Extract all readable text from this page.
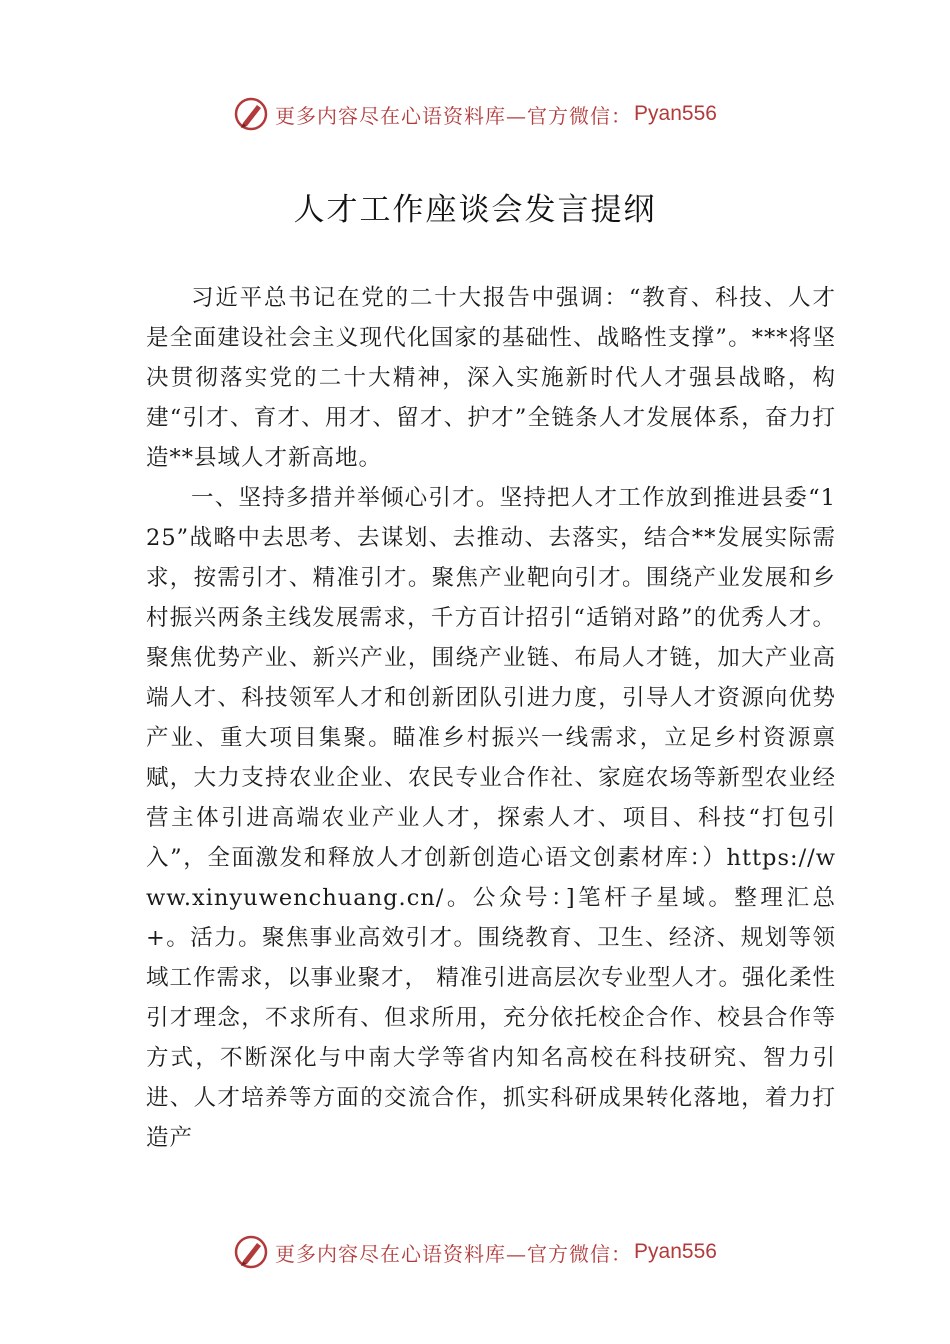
更多内容尽在心语资料库—官方微信： Pyan556
人才工作座谈会发言提纲

习近平总书记在党的二十大报告中强调：“教育、科技、人才是全面建设社会主义现代化国家的基础性、战略性支撑”。***将坚决贯彻落实党的二十大精神，深入实施新时代人才强县战略，构建“引才、育才、用才、留才、护才”全链条人才发展体系，奋力打造**县域人才新高地。

一、坚持多措并举倾心引才。坚持把人才工作放到推进县委“125”战略中去思考、去谋划、去推动、去落实，结合**发展实际需求，按需引才、精准引才。聚焦产业靶向引才。围绕产业发展和乡村振兴两条主线发展需求，千方百计招引“适销对路”的优秀人才。聚焦优势产业、新兴产业，围绕产业链、布局人才链，加大产业高端人才、科技领军人才和创新团队引进力度，引导人才资源向优势产业、重大项目集聚。瞄准乡村振兴一线需求，立足乡村资源禀赋，大力支持农业企业、农民专业合作社、家庭农场等新型农业经营主体引进高端农业产业人才，探索人才、项目、科技“打包引入”，全面激发和释放人才创新创造心语文创素材库：）https://www.xinyuwenchuang.cn/。公众号：]笔杆子星域。整理汇总+。活力。聚焦事业高效引才。围绕教育、卫生、经济、规划等领域工作需求，以事业聚才， 精准引进高层次专业型人才。强化柔性引才理念，不求所有、但求所用，充分依托校企合作、校县合作等方式，不断深化与中南大学等省内知名高校在科技研究、智力引进、人才培养等方面的交流合作，抓实科研成果转化落地，着力打造产

更多内容尽在心语资料库—官方微信： Pyan556
